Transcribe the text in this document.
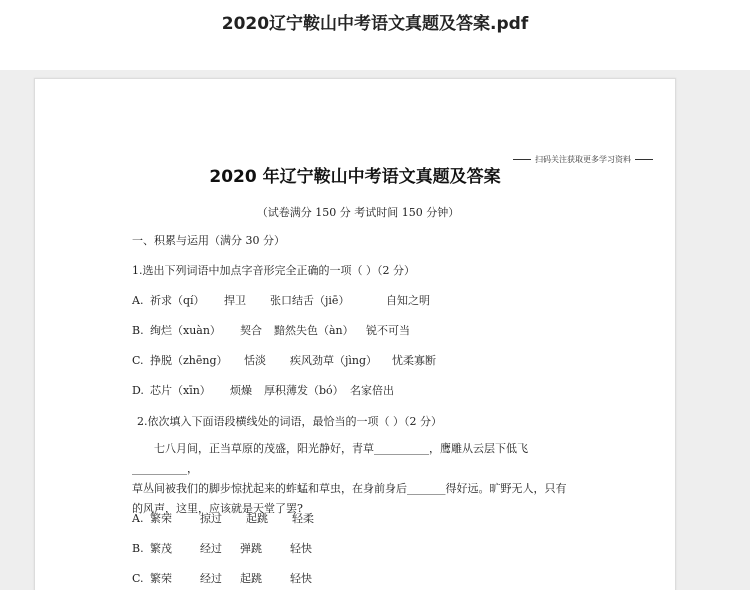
2020辽宁鞍山中考语文真题及答案.pdf
扫码关注获取更多学习资料
2020 年辽宁鞍山中考语文真题及答案
（试卷满分 150 分 考试时间 150 分钟）
一、积累与运用（满分 30 分）
1.选出下列词语中加点字音形完全正确的一项（ ）（2 分）
A. 祈求（qí） 捍卫 张口结舌（jiē）	自知之明
B. 绚烂（xuàn） 契合 黯然失色（àn） 锐不可当
C. 挣脱（zhēng） 恬淡 疾风劲草（jìng） 忧柔寡断
D. 芯片（xīn） 烦燥 厚积薄发（bó） 名家倍出
2.依次填入下面语段横线处的词语，最恰当的一项（ ）（2 分）

七八月间，正当草原的茂盛，阳光静好，青草__________，鹰雕从云层下低飞__________，

草丛间被我们的脚步惊扰起来的蚱蜢和草虫，在身前身后_______得好远。旷野无人，只有

的风声，这里，应该就是天堂了罢?

A. 繁荣	掠过 起跳 轻柔
B. 繁茂	经过 弹跳	轻快
C. 繁荣	经过 起跳	轻快
